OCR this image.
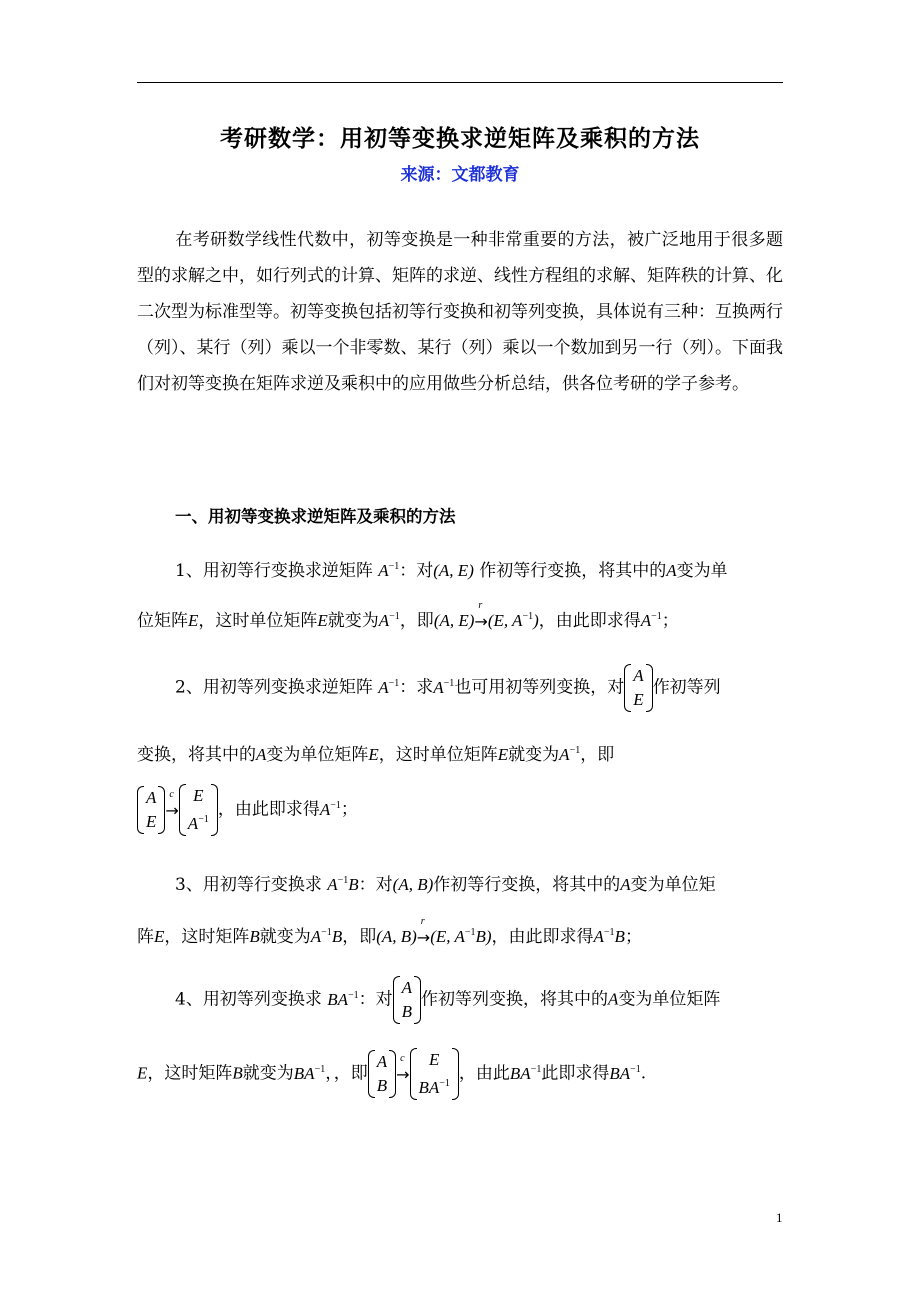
考研数学：用初等变换求逆矩阵及乘积的方法
来源：文都教育

在考研数学线性代数中，初等变换是一种非常重要的方法，被广泛地用于很多题型的求解之中，如行列式的计算、矩阵的求逆、线性方程组的求解、矩阵秩的计算、化二次型为标准型等。初等变换包括初等行变换和初等列变换，具体说有三种：互换两行（列）、某行（列）乘以一个非零数、某行（列）乘以一个数加到另一行（列）。下面我们对初等变换在矩阵求逆及乘积中的应用做些分析总结，供各位考研的学子参考。

一、用初等变换求逆矩阵及乘积的方法
1、用初等行变换求逆矩阵 $A^{-1}$：对(A, E) 作初等行变换，将其中的A变为单
位矩阵E，这时单位矩阵E就变为$A^{-1}$，即(A, E)
r
→(E, $A^{-1}$)，由此即求得$A^{-1}$；
2、用初等列变换求逆矩阵 $A^{-1}$：求$A^{-1}$也可用初等列变换，对
A
E
作初等列
变换，将其中的A变为单位矩阵E，这时单位矩阵E就变为$A^{-1}$，即
A
E
c
→
E
$A^{-1}$ ，由此即求得$A^{-1}$；
3、用初等行变换求 $A^{-1}B$：对(A, B)作初等行变换，将其中的A变为单位矩
阵E，这时矩阵B就变为$A^{-1}B$，即(A, B)
r
→(E, $A^{-1}B$)，由此即求得$A^{-1}B$；
4、用初等列变换求 $BA^{-1}$：对
A
B
作初等列变换，将其中的A变为单位矩阵
E，这时矩阵B就变为$BA^{-1}$，，即
A
B
c
→
E
$BA^{-1}$ ，由此$BA^{-1}$此即求得$BA^{-1}$.
1
